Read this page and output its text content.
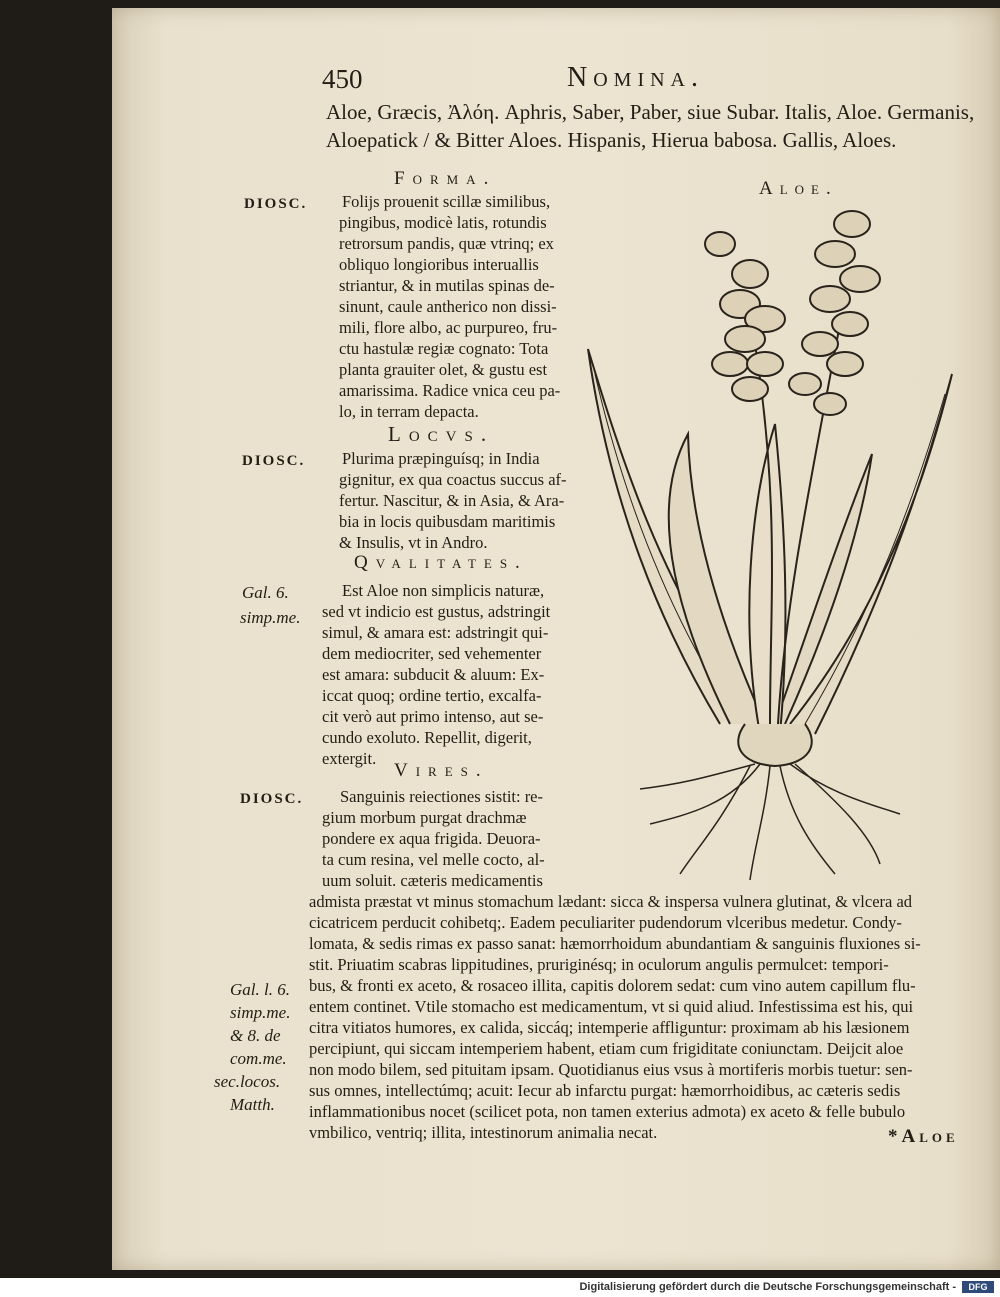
450	Nomina.
Aloe, Græcis, Ἀλόη. Aphris, Saber, Paber, siue Subar. Italis, Aloe. Germanis,
Aloepatick / & Bitter Aloes. Hispanis, Hierua babosa. Gallis, Aloes.
Forma.
DIOSC. Folijs prouenit scillæ similibus,
pingibus, modicè latis, rotundis
retrorsum pandis, quæ vtrinq; ex
obliquo longioribus interuallis
striantur, & in mutilas spinas de-
sinunt, caule antherico non dissi-
mili, flore albo, ac purpureo, fru-
ctu hastulæ regiæ cognato: Tota
planta grauiter olet, & gustu est
amarissima. Radice vnica ceu pa-
lo, in terram depacta.
Locvs.
DIOSC. Plurima præpinguísq; in India
gignitur, ex qua coactus succus af-
fertur. Nascitur, & in Asia, & Ara-
bia in locis quibusdam maritimis
& Insulis, vt in Andro.
Qvalitates.
Gal. 6.
simp.me.
Est Aloe non simplicis naturæ,
sed vt indicio est gustus, adstringit
simul, & amara est: adstringit qui-
dem mediocriter, sed vehementer
est amara: subducit & aluum: Ex-
iccat quoq; ordine tertio, excalfa-
cit verò aut primo intenso, aut se-
cundo exoluto. Repellit, digerit,
extergit.
Vires.
DIOSC. Sanguinis reiectiones sistit: re-
gium morbum purgat drachmæ
pondere ex aqua frigida. Deuora-
ta cum resina, vel melle cocto, al-
uum soluit. cæteris medicamentis
admista præstat vt minus stomachum lædant: sicca & inspersa vulnera glutinat, & vlcera ad
cicatricem perducit cohibetq;. Eadem peculiariter pudendorum vlceribus medetur. Condy-
lomata, & sedis rimas ex passo sanat: hæmorrhoidum abundantiam & sanguinis fluxiones si-
stit. Priuatim scabras lippitudines, pruriginésq; in oculorum angulis permulcet: tempori-
bus, & fronti ex aceto, & rosaceo illita, capitis dolorem sedat: cum vino autem capillum flu-
entem continet. Vtile stomacho est medicamentum, vt si quid aliud. Infestissima est his, qui
citra vitiatos humores, ex calida, siccáq; intemperie affliguntur: proximam ab his læsionem
percipiunt, qui siccam intemperiem habent, etiam cum frigiditate coniunctam. Deijcit aloe
non modo bilem, sed pituitam ipsam. Quotidianus eius vsus à mortiferis morbis tuetur: sen-
sus omnes, intellectúmq; acuit: Iecur ab infarctu purgat: hæmorrhoidibus, ac cæteris sedis
inflammationibus nocet (scilicet pota, non tamen exterius admota) ex aceto & felle bubulo
vmbilico, ventriq; illita, intestinorum animalia necat.
Gal. l. 6.
simp.me.
& 8. de
com.me.
sec.locos.
Matth.
Aloe.
*Aloe
Digitalisierung gefördert durch die Deutsche Forschungsgemeinschaft -	DFG
